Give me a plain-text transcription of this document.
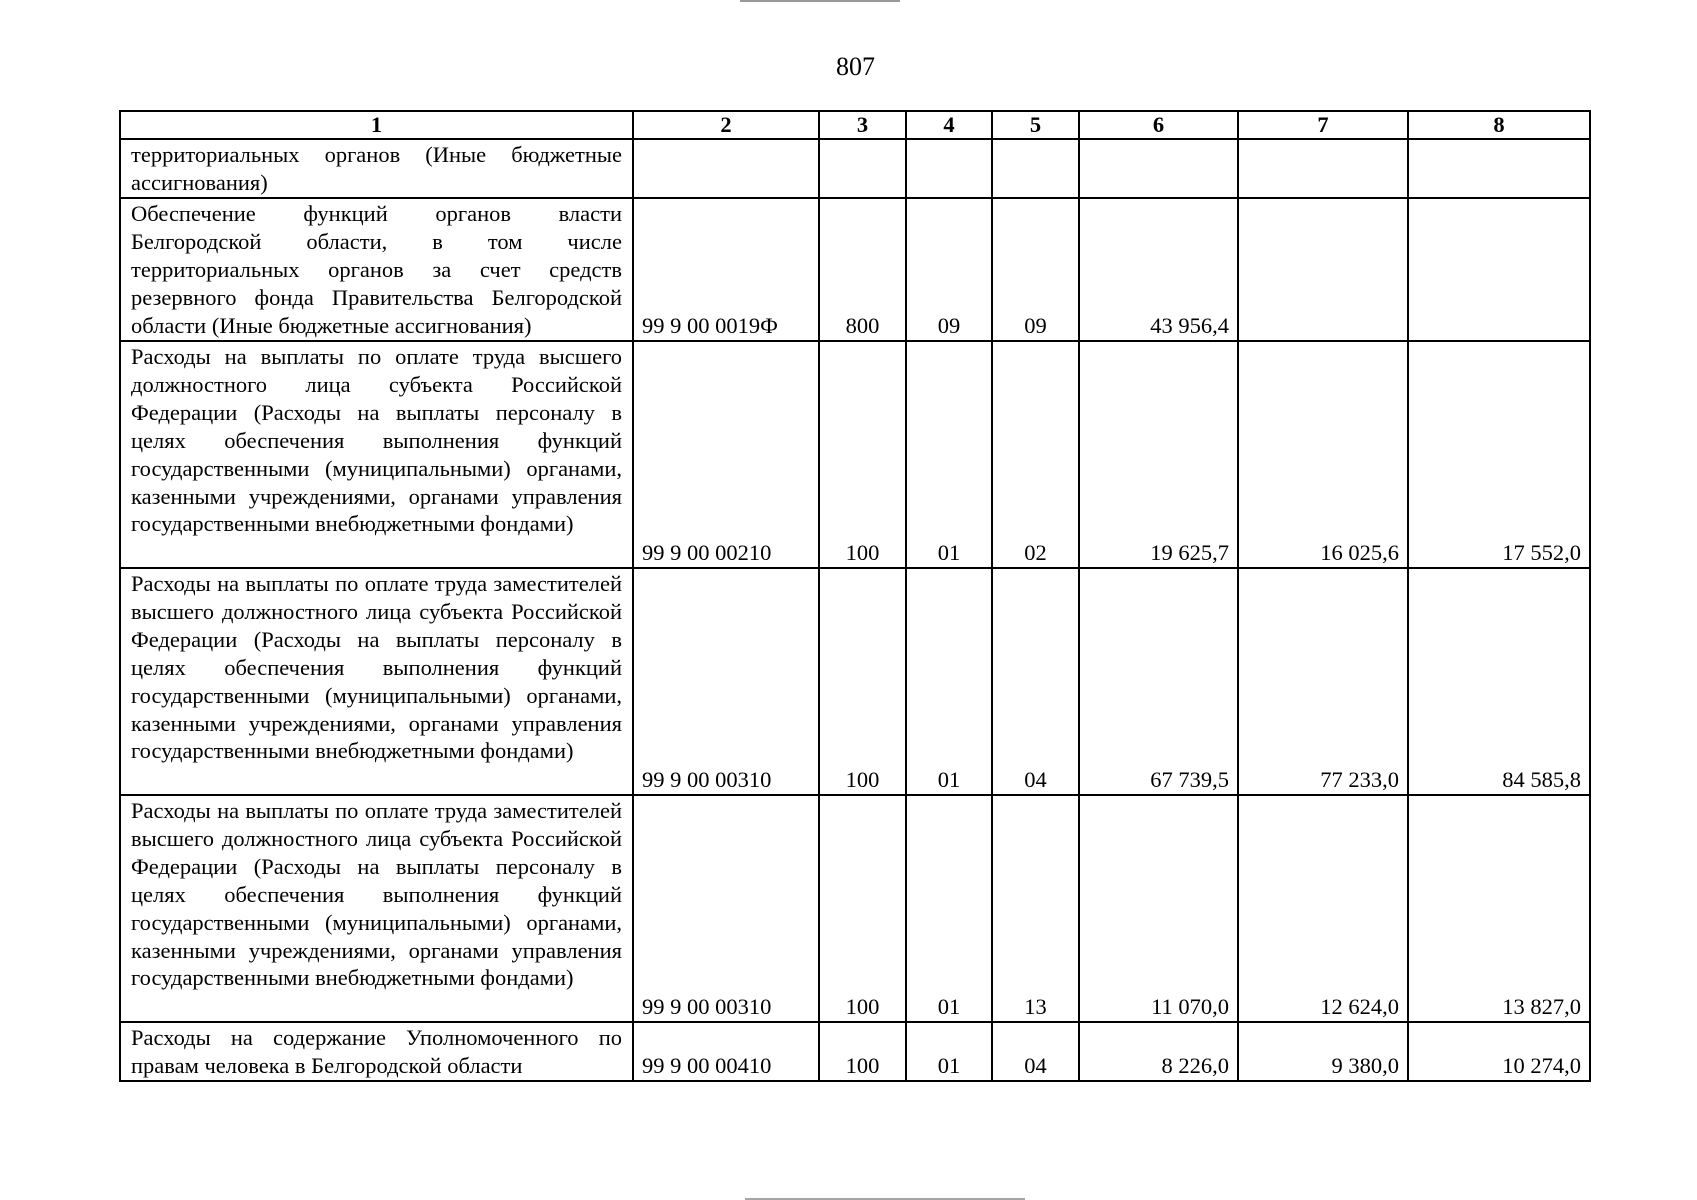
807
1	2	3	4	5	6	7	8
территориальных органов (Иные бюджетные ассигнования)							
Обеспечение функций органов власти Белгородской области, в том числе территориальных органов за счет средств резервного фонда Правительства Белгородской области (Иные бюджетные ассигнования)	99 9 00 0019Ф	800	09	09	43 956,4		
Расходы на выплаты по оплате труда высшего должностного лица субъекта Российской Федерации (Расходы на выплаты персоналу в целях обеспечения выполнения функций государственными (муниципальными) органами, казенными учреждениями, органами управления государственными внебюджетными фондами)	99 9 00 00210	100	01	02	19 625,7	16 025,6	17 552,0
Расходы на выплаты по оплате труда заместителей высшего должностного лица субъекта Российской Федерации (Расходы на выплаты персоналу в целях обеспечения выполнения функций государственными (муниципальными) органами, казенными учреждениями, органами управления государственными внебюджетными фондами)	99 9 00 00310	100	01	04	67 739,5	77 233,0	84 585,8
Расходы на выплаты по оплате труда заместителей высшего должностного лица субъекта Российской Федерации (Расходы на выплаты персоналу в целях обеспечения выполнения функций государственными (муниципальными) органами, казенными учреждениями, органами управления государственными внебюджетными фондами)	99 9 00 00310	100	01	13	11 070,0	12 624,0	13 827,0
Расходы на содержание Уполномоченного по правам человека в Белгородской области	99 9 00 00410	100	01	04	8 226,0	9 380,0	10 274,0
